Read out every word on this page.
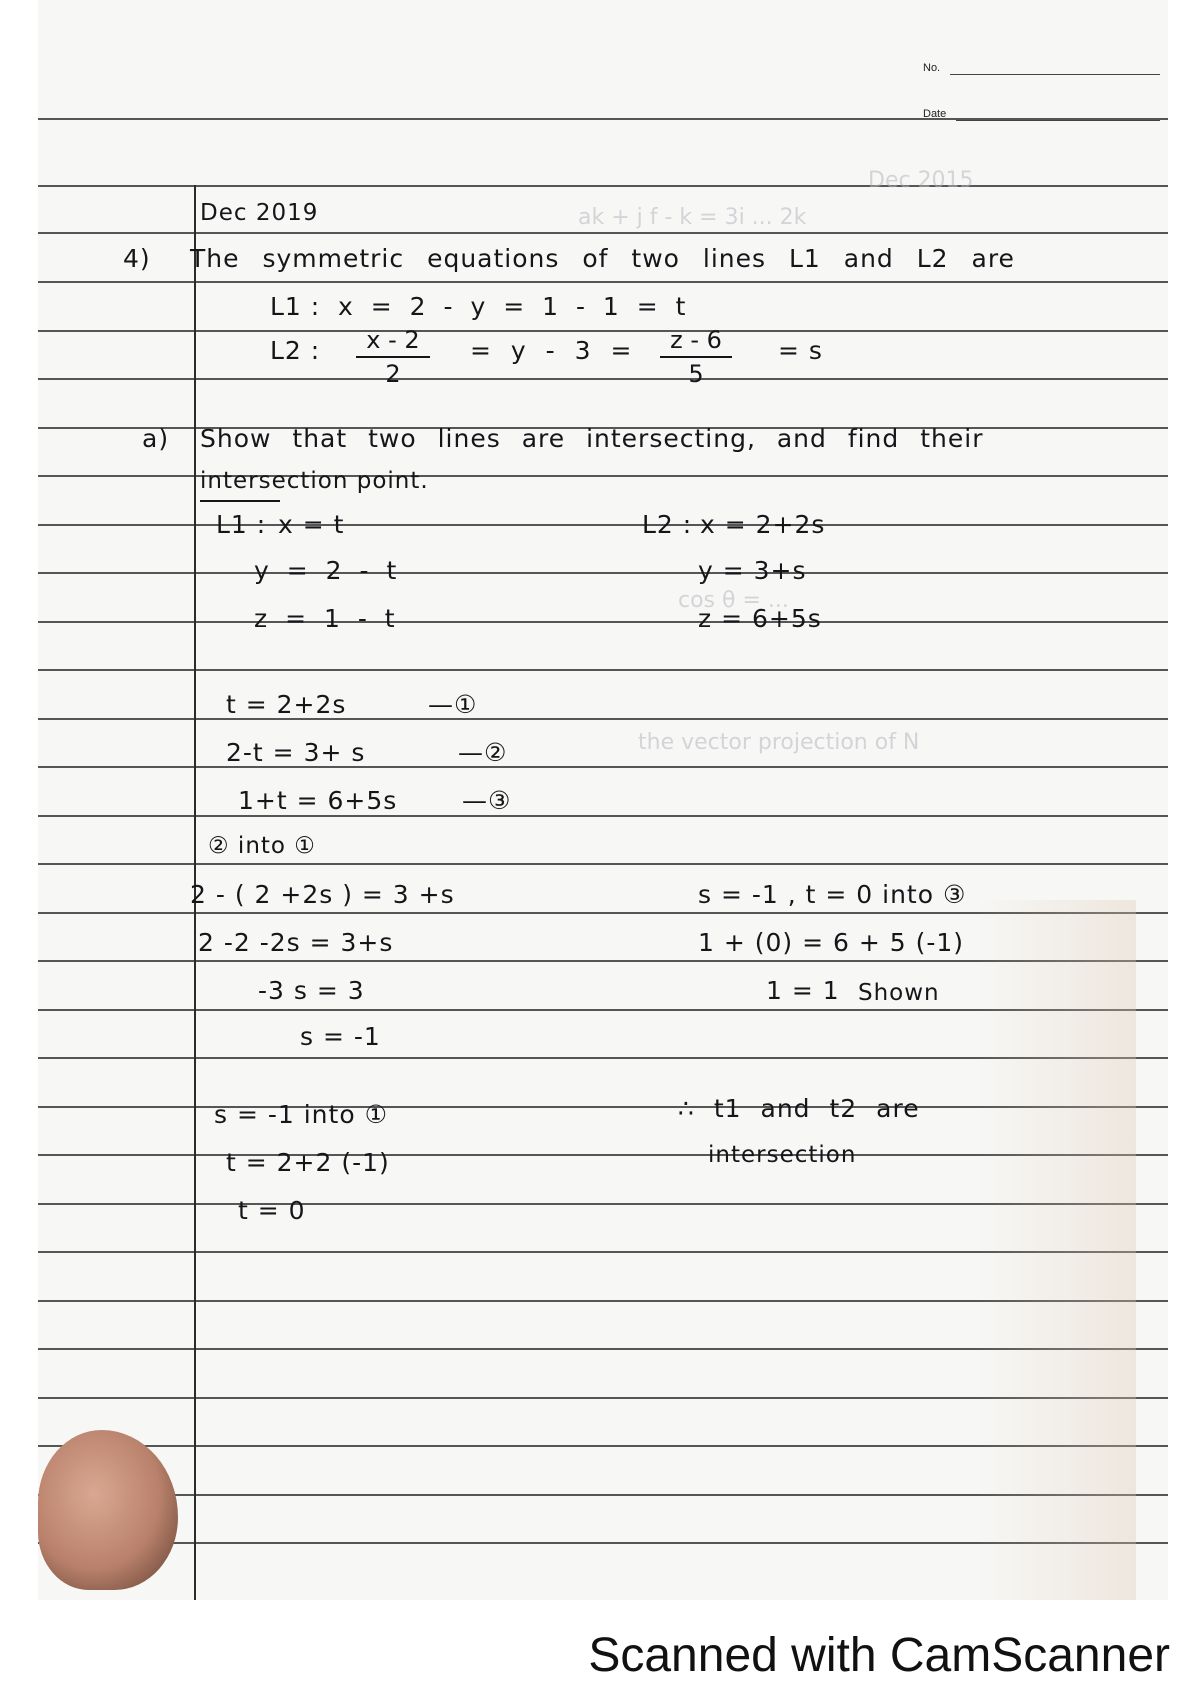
No.
Date
Dec 2015
ak + j f - k = 3i ... 2k
cos θ = ...
the vector projection of N
Dec 2019
4) The symmetric equations of two lines L1 and L2 are
L1 : x = 2 - y = 1 - 1 = t
L2 :	x - 2
2
= y - 3 =	z - 6
5
= s
a) Show that two lines are intersecting, and find their
intersection point.
L1 : x = t
y = 2 - t
z = 1 - t
L2 : x = 2+2s
y = 3+s
z = 6+5s
t = 2+2s	—①
2-t = 3+ s	—②
1+t = 6+5s	—③
② into ①
2 - ( 2 +2s ) = 3 +s
2 -2 -2s = 3+s
-3 s = 3
s = -1
s = -1 , t = 0 into ③
1 + (0) = 6 + 5 (-1)
1 = 1 Shown
s = -1 into ①
t = 2+2 (-1)
t = 0
∴ t1 and t2 are
intersection
Scanned with CamScanner
